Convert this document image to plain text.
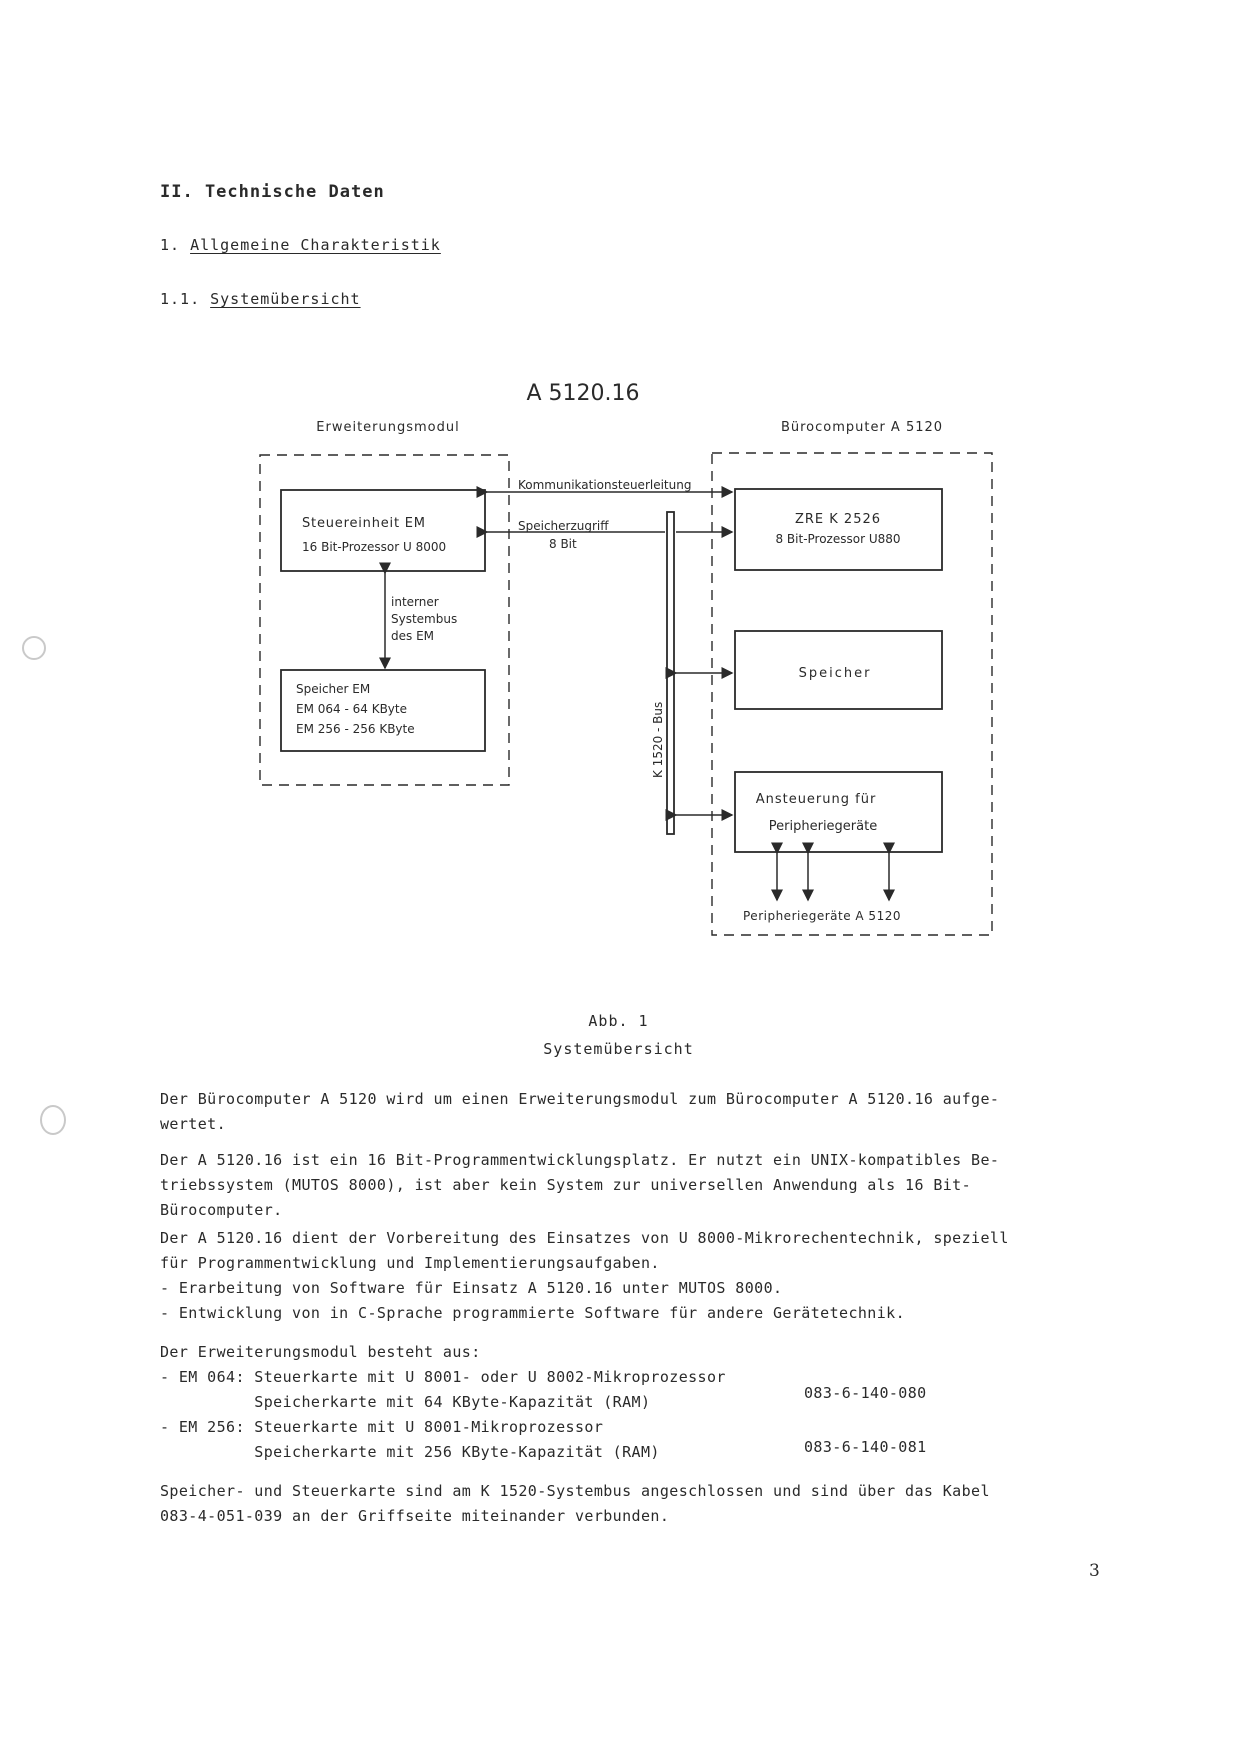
II. Technische Daten
1. Allgemeine Charakteristik
1.1. Systemübersicht
A 5120.16
Erweiterungsmodul	Bürocomputer A 5120
Steuereinheit EM
16 Bit-Prozessor U 8000
interner
Systembus
des EM
Speicher EM
EM 064 - 64 KByte
EM 256 - 256 KByte
Kommunikationsteuerleitung
Speicherzugriff
8 Bit
K 1520 - Bus
ZRE K 2526
8 Bit-Prozessor U880
Speicher
Ansteuerung für
Peripheriegeräte
Peripheriegeräte A 5120
Abb. 1
Systemübersicht
Der Bürocomputer A 5120 wird um einen Erweiterungsmodul zum Bürocomputer A 5120.16 aufge-
wertet.
Der A 5120.16 ist ein 16 Bit-Programmentwicklungsplatz. Er nutzt ein UNIX-kompatibles Be-
triebssystem (MUTOS 8000), ist aber kein System zur universellen Anwendung als 16 Bit-
Bürocomputer.
Der A 5120.16 dient der Vorbereitung des Einsatzes von U 8000-Mikrorechentechnik, speziell
für Programmentwicklung und Implementierungsaufgaben.
- Erarbeitung von Software für Einsatz A 5120.16 unter MUTOS 8000.
- Entwicklung von in C-Sprache programmierte Software für andere Gerätetechnik.
Der Erweiterungsmodul besteht aus:
- EM 064: Steuerkarte mit U 8001- oder U 8002-Mikroprozessor
Speicherkarte mit 64 KByte-Kapazität (RAM)
- EM 256: Steuerkarte mit U 8001-Mikroprozessor
Speicherkarte mit 256 KByte-Kapazität (RAM)
Speicher- und Steuerkarte sind am K 1520-Systembus angeschlossen und sind über das Kabel
083-4-051-039 an der Griffseite miteinander verbunden.
083-6-140-080
083-6-140-081
3
